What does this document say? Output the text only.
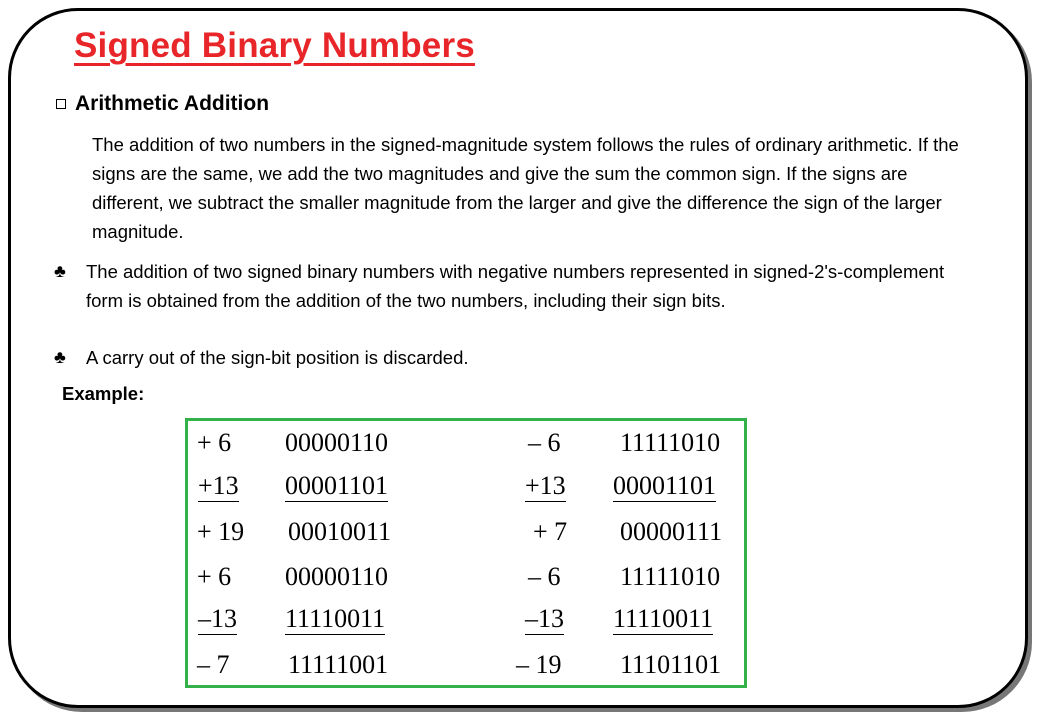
Signed Binary Numbers
Arithmetic Addition

The addition of two numbers in the signed-magnitude system follows the rules of ordinary arithmetic. If the signs are the same, we add the two magnitudes and give the sum the common sign. If the signs are different, we subtract the smaller magnitude from the larger and give the difference the sign of the larger magnitude.

♣	The addition of two signed binary numbers with negative numbers represented in signed-2's-complement form is obtained from the addition of the two numbers, including their sign bits.
♣	A carry out of the sign-bit position is discarded.
Example:
+ 6 00000110
+13 00001101
+ 19 00010011
– 6 11111010
+13 00001101
+ 7 00000111
+ 6 00000110
–13 11110011
– 7 11111001
– 6 11111010
–13 11110011
– 19 11101101
